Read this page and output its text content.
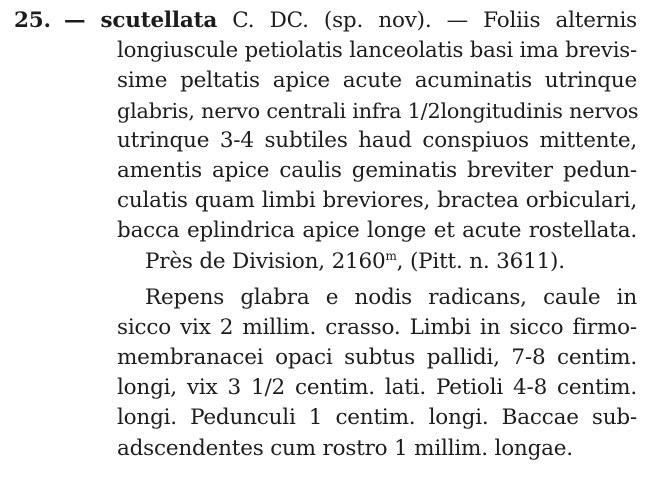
25. — scutellata C. DC. (sp. nov). — Foliis alternis
longiuscule petiolatis lanceolatis basi ima brevis-
sime peltatis apice acute acuminatis utrinque
glabris, nervo centrali infra 1/2longitudinis nervos
utrinque 3-4 subtiles haud conspiuos mittente,
amentis apice caulis geminatis breviter pedun-
culatis quam limbi breviores, bractea orbiculari,
bacca eplindrica apice longe et acute rostellata.
Près de Division, 2160$^m$, (Pitt. n. 3611).
Repens glabra e nodis radicans, caule in
sicco vix 2 millim. crasso. Limbi in sicco firmo-
membranacei opaci subtus pallidi, 7-8 centim.
longi, vix 3 1/2 centim. lati. Petioli 4-8 centim.
longi. Pedunculi 1 centim. longi. Baccae sub-
adscendentes cum rostro 1 millim. longae.
